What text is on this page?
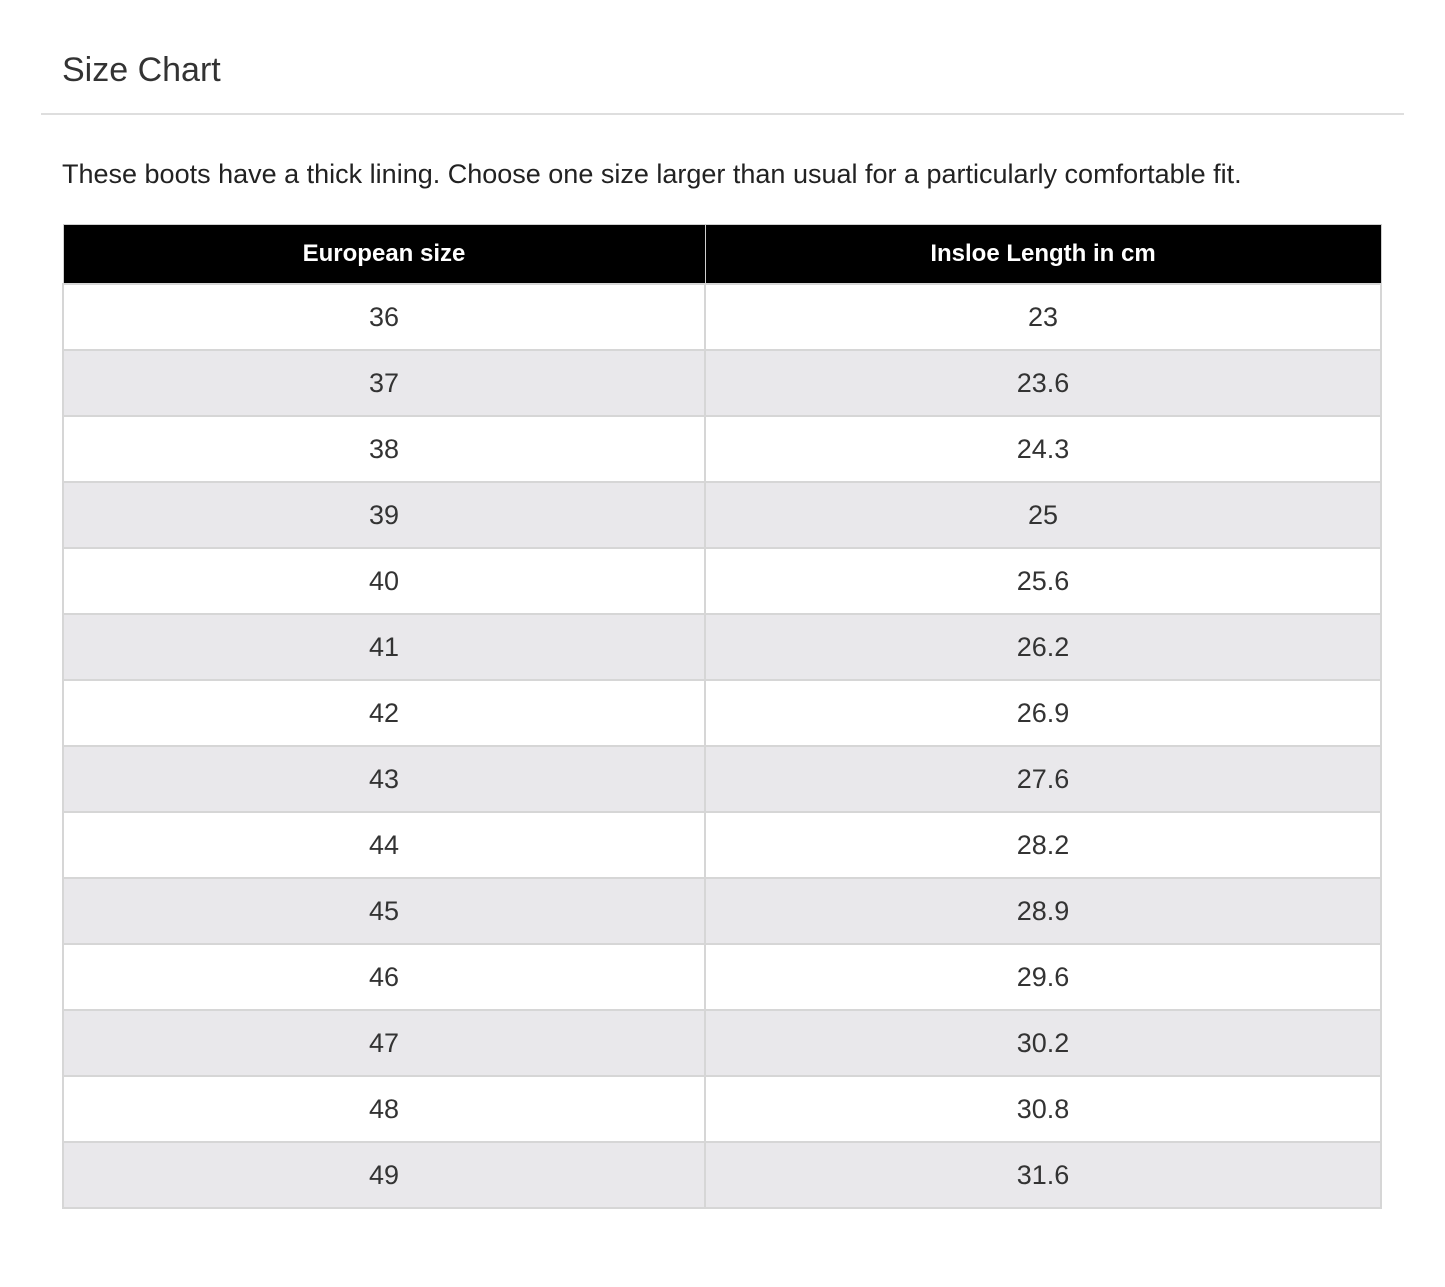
Size Chart

These boots have a thick lining. Choose one size larger than usual for a particularly comfortable fit.

European size	Insloe Length in cm
36	23
37	23.6
38	24.3
39	25
40	25.6
41	26.2
42	26.9
43	27.6
44	28.2
45	28.9
46	29.6
47	30.2
48	30.8
49	31.6
